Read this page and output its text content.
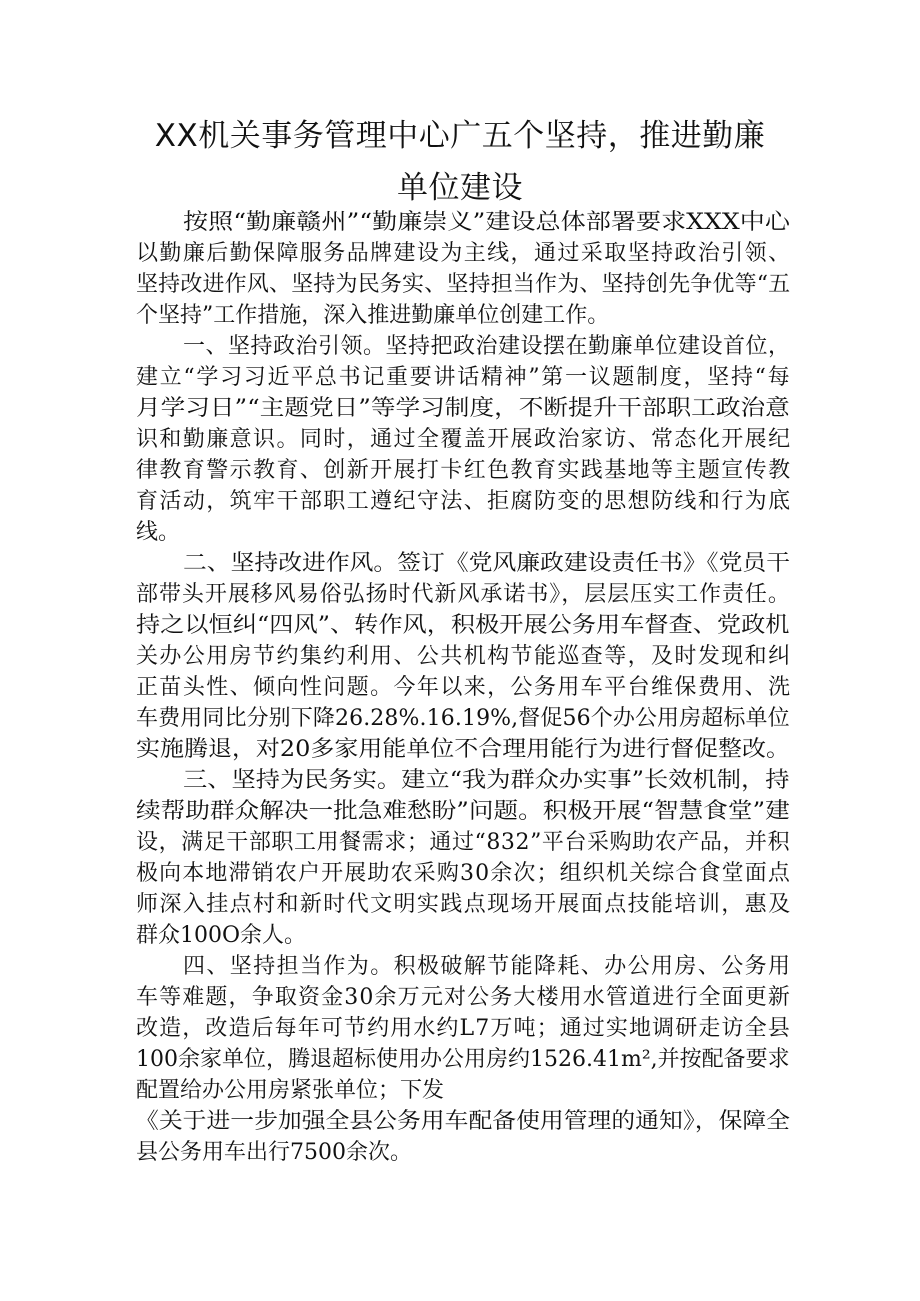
XX机关事务管理中心广五个坚持，推进勤廉
单位建设
按照“勤廉赣州”“勤廉崇义”建设总体部署要求XXX中心
以勤廉后勤保障服务品牌建设为主线，通过采取坚持政治引领、
坚持改进作风、坚持为民务实、坚持担当作为、坚持创先争优等“五
个坚持”工作措施，深入推进勤廉单位创建工作。
一、坚持政治引领。坚持把政治建设摆在勤廉单位建设首位，
建立“学习习近平总书记重要讲话精神”第一议题制度，坚持“每
月学习日”“主题党日”等学习制度，不断提升干部职工政治意
识和勤廉意识。同时，通过全覆盖开展政治家访、常态化开展纪
律教育警示教育、创新开展打卡红色教育实践基地等主题宣传教
育活动，筑牢干部职工遵纪守法、拒腐防变的思想防线和行为底
线。
二、坚持改进作风。签订《党风廉政建设责任书》《党员干
部带头开展移风易俗弘扬时代新风承诺书》，层层压实工作责任。
持之以恒纠“四风”、转作风，积极开展公务用车督查、党政机
关办公用房节约集约利用、公共机构节能巡查等，及时发现和纠
正苗头性、倾向性问题。今年以来，公务用车平台维保费用、洗
车费用同比分别下降26.28%.16.19%,督促56个办公用房超标单位
实施腾退，对20多家用能单位不合理用能行为进行督促整改。
三、坚持为民务实。建立“我为群众办实事”长效机制，持
续帮助群众解决一批急难愁盼”问题。积极开展“智慧食堂”建
设，满足干部职工用餐需求；通过“832”平台采购助农产品，并积
极向本地滞销农户开展助农采购30余次；组织机关综合食堂面点
师深入挂点村和新时代文明实践点现场开展面点技能培训，惠及
群众100O余人。
四、坚持担当作为。积极破解节能降耗、办公用房、公务用
车等难题，争取资金30余万元对公务大楼用水管道进行全面更新
改造，改造后每年可节约用水约L7万吨；通过实地调研走访全县
100余家单位，腾退超标使用办公用房约1526.41m²,并按配备要求
配置给办公用房紧张单位；下发
《关于进一步加强全县公务用车配备使用管理的通知》，保障全
县公务用车出行7500余次。
